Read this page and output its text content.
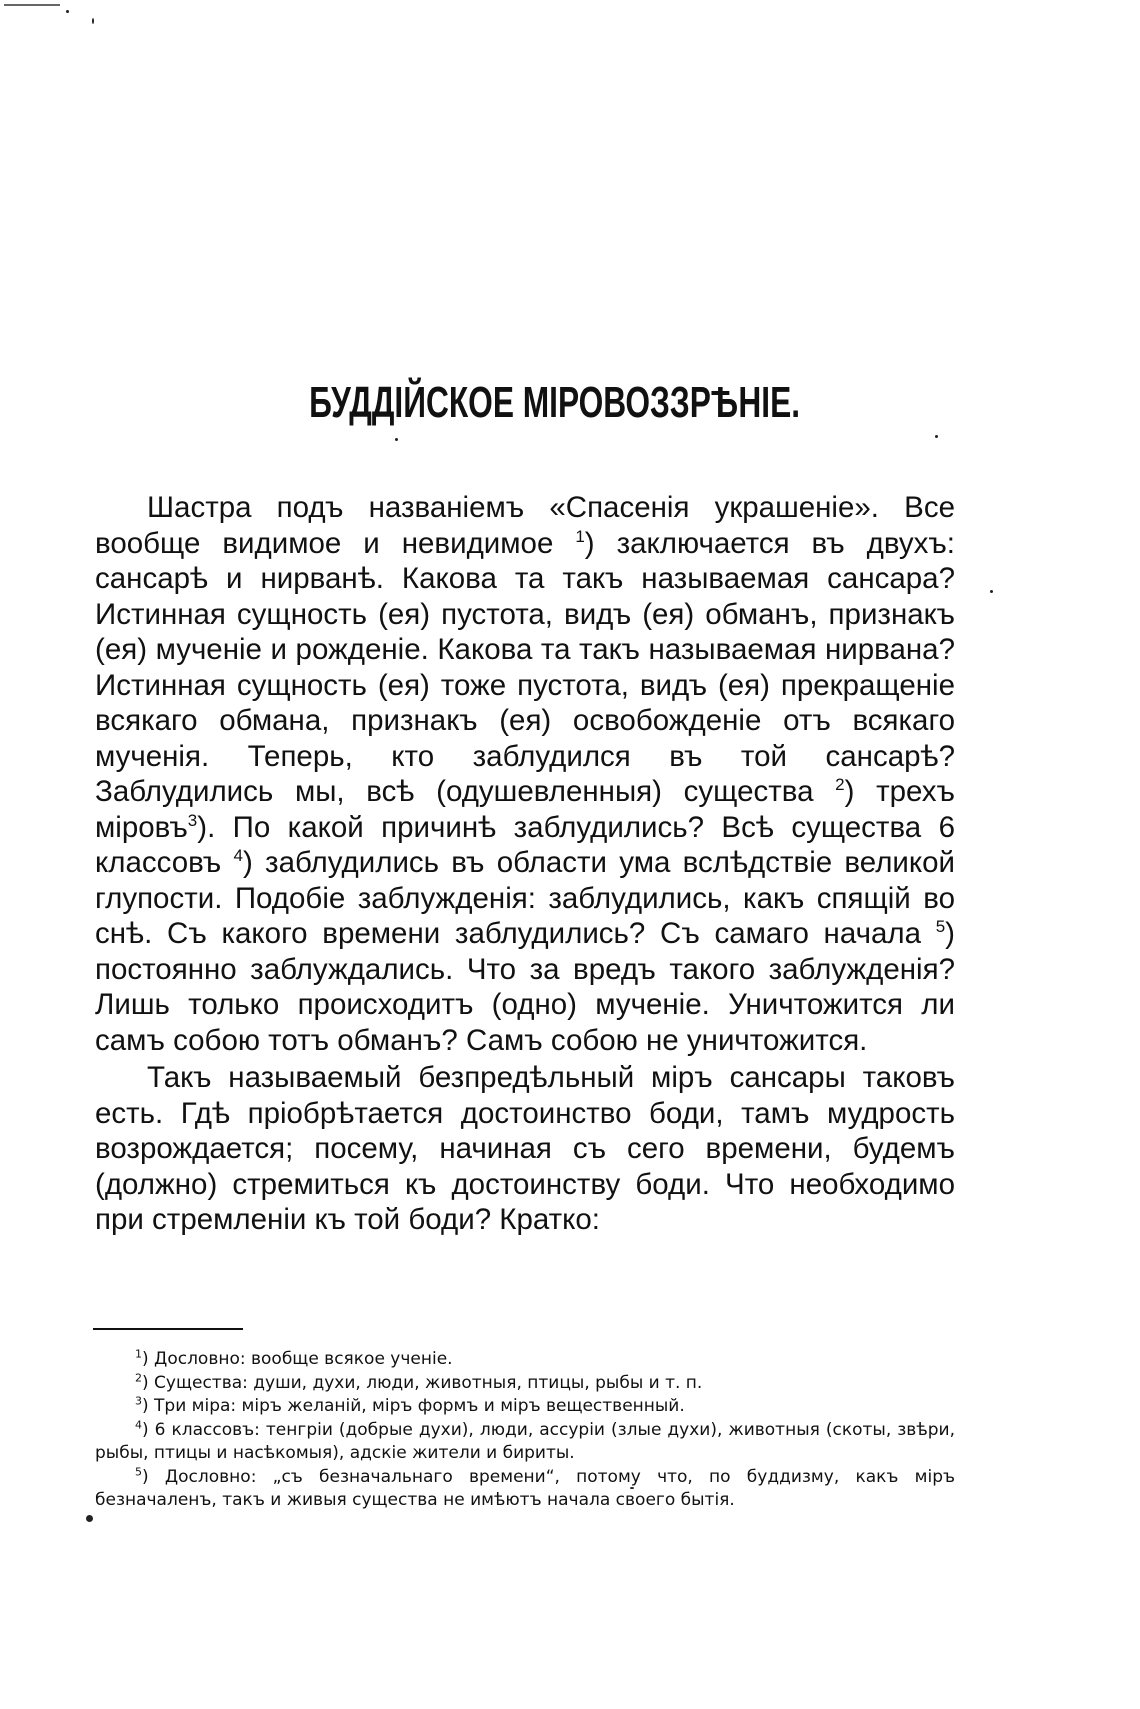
БУДДІЙСКОЕ МІРОВОЗЗРѢНІЕ.

Шастра подъ названіемъ «Спасенія украшеніе». Все вообще видимое и невидимое $^1$) заключается въ двухъ: сансарѣ и нирванѣ. Какова та такъ называемая сансара? Истинная сущность (ея) пустота, видъ (ея) обманъ, признакъ (ея) мученіе и рожденіе. Какова та такъ называемая нирвана? Истинная сущность (ея) тоже пустота, видъ (ея) прекращеніе всякаго обмана, признакъ (ея) освобожденіе отъ всякаго мученія. Теперь, кто заблудился въ той сансарѣ? Заблудились мы, всѣ (одушевленныя) существа $^2$) трехъ міровъ$^3$). По какой причинѣ заблудились? Всѣ существа 6 классовъ $^4$) заблудились въ области ума вслѣдствіе великой глупости. Подобіе заблужденія: заблудились, какъ спящій во снѣ. Съ какого времени заблудились? Съ самаго начала $^5$) постоянно заблуждались. Что за вредъ такого заблужденія? Лишь только происходитъ (одно) мученіе. Уничтожится ли самъ собою тотъ обманъ? Самъ собою не уничтожится.

Такъ называемый безпредѣльный міръ сансары таковъ есть. Гдѣ пріобрѣтается достоинство боди, тамъ мудрость возрождается; посему, начиная съ сего времени, будемъ (должно) стремиться къ достоинству боди. Что необходимо при стремленіи къ той боди? Кратко:

$^1$) Дословно: вообще всякое ученіе.

$^2$) Существа: души, духи, люди, животныя, птицы, рыбы и т. п.

$^3$) Три міра: міръ желаній, міръ формъ и міръ вещественный.

$^4$) 6 классовъ: тенгріи (добрые духи), люди, ассуріи (злые духи), животныя (скоты, звѣри, рыбы, птицы и насѣкомыя), адскіе жители и бириты.

$^5$) Дословно: „съ безначальнаго времени“, потому что, по буддизму, какъ міръ безначаленъ, такъ и живыя существа не имѣютъ начала своего бытія.
